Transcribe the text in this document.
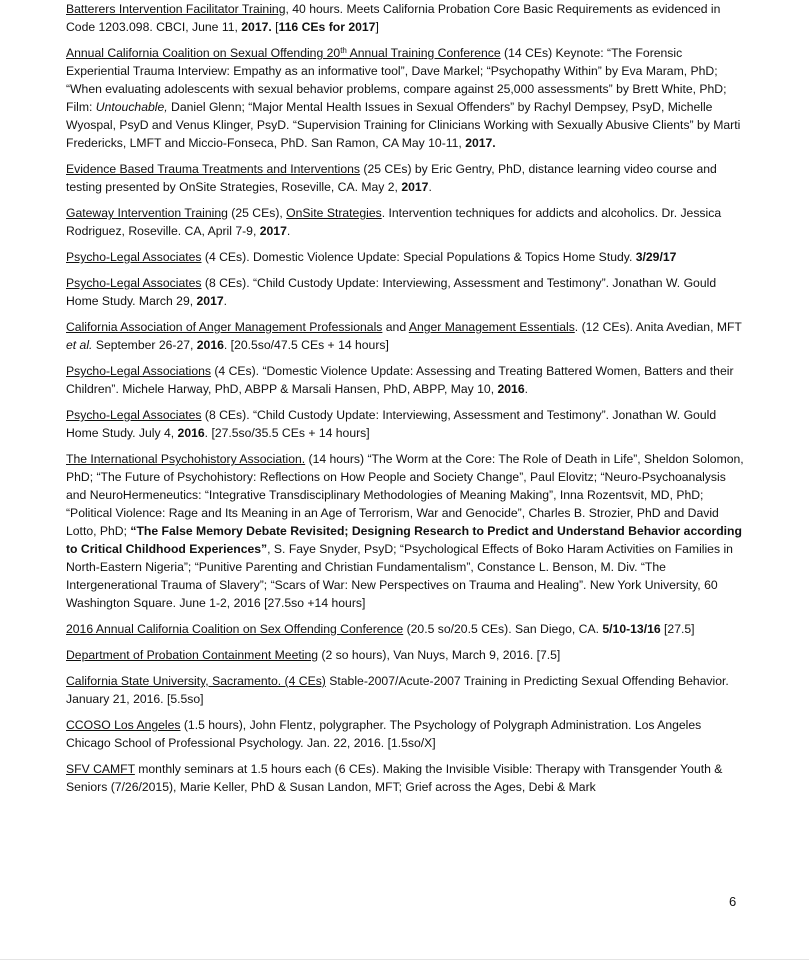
Batterers Intervention Facilitator Training, 40 hours. Meets California Probation Core Basic Requirements as evidenced in Code 1203.098. CBCI, June 11, 2017. [116 CEs for 2017]

Annual California Coalition on Sexual Offending 20th Annual Training Conference (14 CEs) Keynote: “The Forensic Experiential Trauma Interview: Empathy as an informative tool”, Dave Markel; “Psychopathy Within” by Eva Maram, PhD; “When evaluating adolescents with sexual behavior problems, compare against 25,000 assessments” by Brett White, PhD; Film: Untouchable, Daniel Glenn; “Major Mental Health Issues in Sexual Offenders” by Rachyl Dempsey, PsyD, Michelle Wyospal, PsyD and Venus Klinger, PsyD. “Supervision Training for Clinicians Working with Sexually Abusive Clients” by Marti Fredericks, LMFT and Miccio-Fonseca, PhD. San Ramon, CA May 10-11, 2017.

Evidence Based Trauma Treatments and Interventions (25 CEs) by Eric Gentry, PhD, distance learning video course and testing presented by OnSite Strategies, Roseville, CA. May 2, 2017.

Gateway Intervention Training (25 CEs), OnSite Strategies. Intervention techniques for addicts and alcoholics. Dr. Jessica Rodriguez, Roseville. CA, April 7-9, 2017.

Psycho-Legal Associates (4 CEs). Domestic Violence Update: Special Populations & Topics Home Study. 3/29/17

Psycho-Legal Associates (8 CEs). “Child Custody Update: Interviewing, Assessment and Testimony”. Jonathan W. Gould Home Study. March 29, 2017.

California Association of Anger Management Professionals and Anger Management Essentials. (12 CEs). Anita Avedian, MFT et al. September 26-27, 2016. [20.5so/47.5 CEs + 14 hours]

Psycho-Legal Associations (4 CEs). “Domestic Violence Update: Assessing and Treating Battered Women, Batters and their Children”. Michele Harway, PhD, ABPP & Marsali Hansen, PhD, ABPP, May 10, 2016.

Psycho-Legal Associates (8 CEs). “Child Custody Update: Interviewing, Assessment and Testimony”. Jonathan W. Gould Home Study. July 4, 2016. [27.5so/35.5 CEs + 14 hours]

The International Psychohistory Association. (14 hours) “The Worm at the Core: The Role of Death in Life”, Sheldon Solomon, PhD; “The Future of Psychohistory: Reflections on How People and Society Change”, Paul Elovitz; “Neuro-Psychoanalysis and NeuroHermeneutics: “Integrative Transdisciplinary Methodologies of Meaning Making”, Inna Rozentsvit, MD, PhD; “Political Violence: Rage and Its Meaning in an Age of Terrorism, War and Genocide”, Charles B. Strozier, PhD and David Lotto, PhD; “The False Memory Debate Revisited; Designing Research to Predict and Understand Behavior according to Critical Childhood Experiences”, S. Faye Snyder, PsyD; “Psychological Effects of Boko Haram Activities on Families in North-Eastern Nigeria”; “Punitive Parenting and Christian Fundamentalism”, Constance L. Benson, M. Div. “The Intergenerational Trauma of Slavery”; “Scars of War: New Perspectives on Trauma and Healing”. New York University, 60 Washington Square. June 1-2, 2016 [27.5so +14 hours]

2016 Annual California Coalition on Sex Offending Conference (20.5 so/20.5 CEs). San Diego, CA. 5/10-13/16 [27.5]

Department of Probation Containment Meeting (2 so hours), Van Nuys, March 9, 2016. [7.5]

California State University, Sacramento. (4 CEs) Stable-2007/Acute-2007 Training in Predicting Sexual Offending Behavior. January 21, 2016. [5.5so]

CCOSO Los Angeles (1.5 hours), John Flentz, polygrapher. The Psychology of Polygraph Administration. Los Angeles Chicago School of Professional Psychology. Jan. 22, 2016. [1.5so/X]

SFV CAMFT monthly seminars at 1.5 hours each (6 CEs). Making the Invisible Visible: Therapy with Transgender Youth & Seniors (7/26/2015), Marie Keller, PhD & Susan Landon, MFT; Grief across the Ages, Debi & Mark

6
